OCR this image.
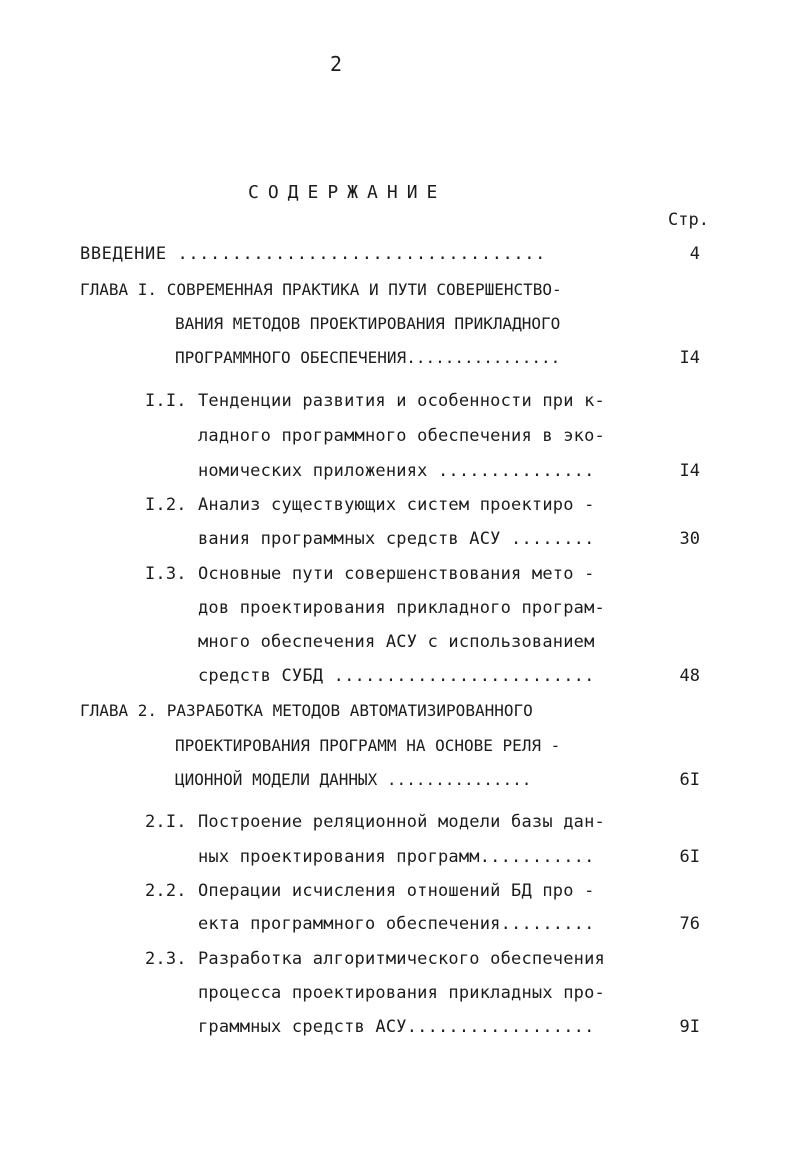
2
СОДЕРЖАНИЕ
Стр.
ВВЕДЕНИЕ ..................................	4
ГЛАВА I. СОВРЕМЕННАЯ ПРАКТИКА И ПУТИ СОВЕРШЕНСТВО-
ВАНИЯ МЕТОДОВ ПРОЕКТИРОВАНИЯ ПРИКЛАДНОГО
ПРОГРАММНОГО ОБЕСПЕЧЕНИЯ................	I4
I.I. Тенденции развития и особенности при к-
ладного программного обеспечения в эко-
номических приложениях ...............	I4
I.2. Анализ существующих систем проектиро -
вания программных средств АСУ ........	30
I.3. Основные пути совершенствования мето -
дов проектирования прикладного програм-
много обеспечения АСУ с использованием
средств СУБД .........................	48
ГЛАВА 2. РАЗРАБОТКА МЕТОДОВ АВТОМАТИЗИРОВАННОГО
ПРОЕКТИРОВАНИЯ ПРОГРАММ НА ОСНОВЕ РЕЛЯ -
ЦИОННОЙ МОДЕЛИ ДАННЫХ ...............	6I
2.I. Построение реляционной модели базы дан-
ных проектирования программ...........	6I
2.2. Операции исчисления отношений БД про -
екта программного обеспечения.........	76
2.3. Разработка алгоритмического обеспечения
процесса проектирования прикладных про-
граммных средств АСУ..................	9I
